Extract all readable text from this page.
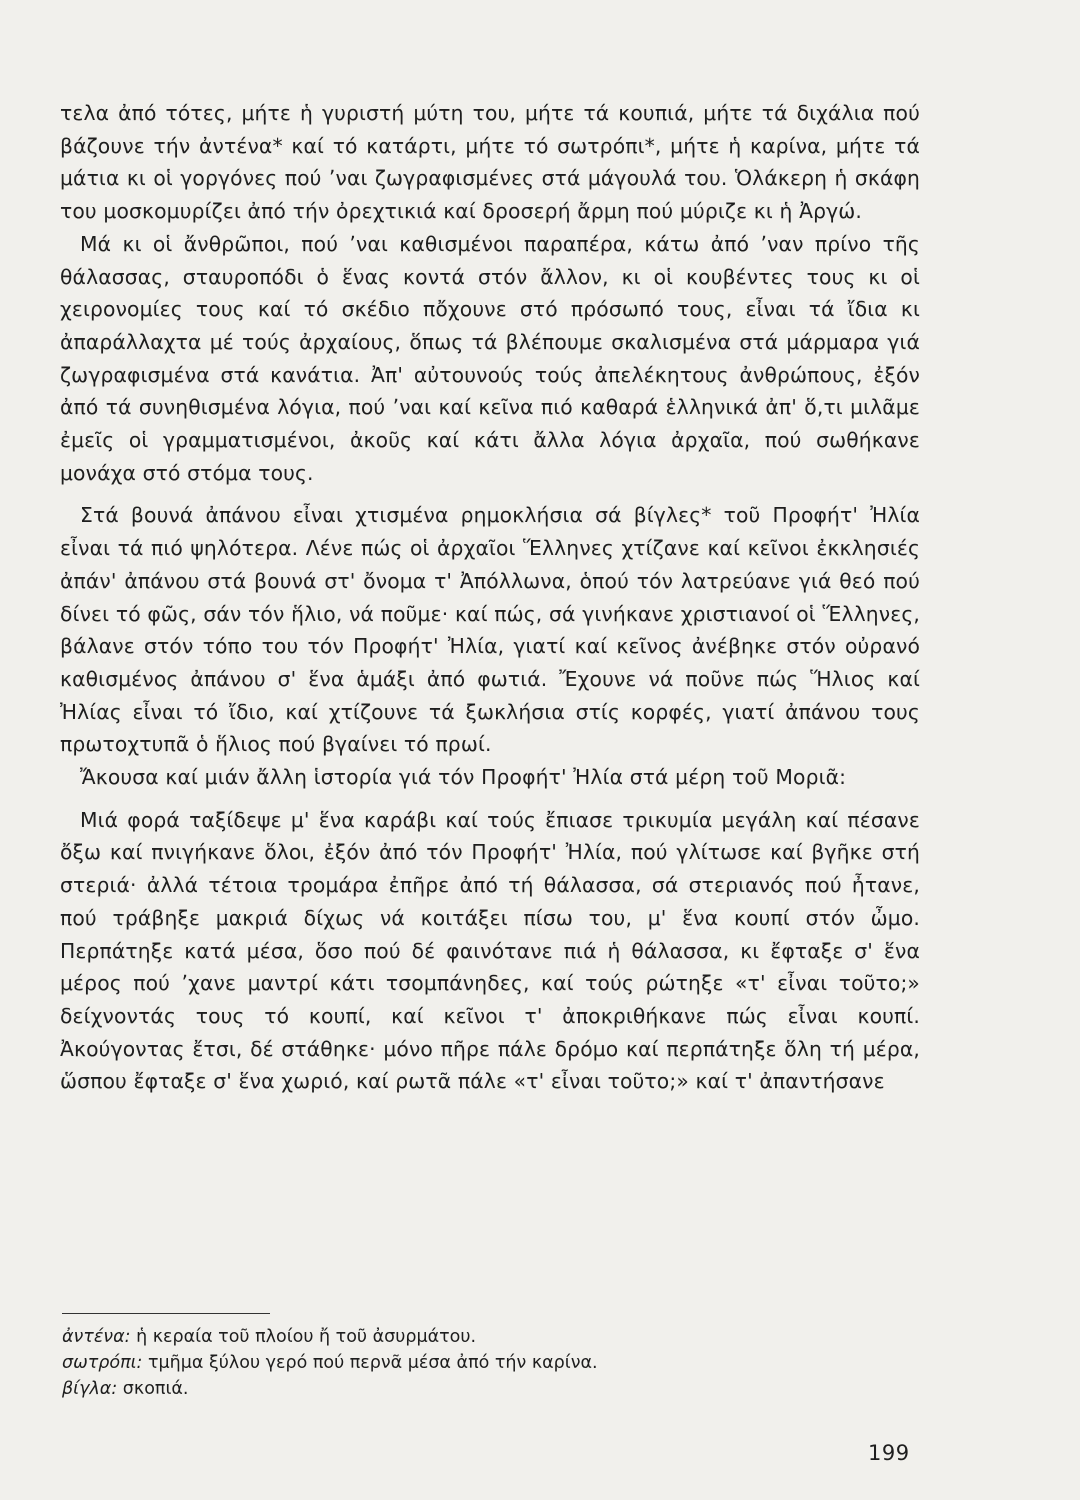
τελα ἀπό τότες, μήτε ἡ γυριστή μύτη του, μήτε τά κουπιά, μήτε τά διχάλια πού βάζουνε τήν ἀντένα* καί τό κατάρτι, μήτε τό σωτρόπι*, μήτε ἡ καρίνα, μήτε τά μάτια κι οἱ γοργόνες πού ʼναι ζωγραφισμένες στά μάγουλά του. Ὁλάκερη ἡ σκάφη του μοσκομυρίζει ἀπό τήν ὀρεχτικιά καί δροσερή ἄρμη πού μύριζε κι ἡ Ἀργώ.

Μά κι οἱ ἄνθρῶποι, πού ʼναι καθισμένοι παραπέρα, κάτω ἀπό ʼναν πρίνο τῆς θάλασσας, σταυροπόδι ὁ ἕνας κοντά στόν ἄλλον, κι οἱ κουβέντες τους κι οἱ χειρονομίες τους καί τό σκέδιο πὄχουνε στό πρόσωπό τους, εἶναι τά ἴδια κι ἀπαράλλαχτα μέ τούς ἀρχαίους, ὅπως τά βλέπουμε σκαλισμένα στά μάρμαρα γιά ζωγραφισμένα στά κανάτια. Ἀπ' αὐτουνούς τούς ἀπελέκητους ἀνθρώπους, ἐξόν ἀπό τά συνηθισμένα λόγια, πού ʼναι καί κεῖνα πιό καθαρά ἑλληνικά ἀπ' ὅ,τι μιλᾶμε ἐμεῖς οἱ γραμματισμένοι, ἀκοῦς καί κάτι ἄλλα λόγια ἀρχαῖα, πού σωθήκανε μονάχα στό στόμα τους.

Στά βουνά ἀπάνου εἶναι χτισμένα ρημοκλήσια σά βίγλες* τοῦ Προφήτ' Ἠλία εἶναι τά πιό ψηλότερα. Λένε πώς οἱ ἀρχαῖοι Ἕλληνες χτίζανε καί κεῖνοι ἐκκλησιές ἀπάν' ἀπάνου στά βουνά στ' ὄνομα τ' Ἀπόλλωνα, ὁπού τόν λατρεύανε γιά θεό πού δίνει τό φῶς, σάν τόν ἥλιο, νά ποῦμε· καί πώς, σά γινήκανε χριστιανοί οἱ Ἕλληνες, βάλανε στόν τόπο του τόν Προφήτ' Ἠλία, γιατί καί κεῖνος ἀνέβηκε στόν οὐρανό καθισμένος ἀπάνου σ' ἕνα ἁμάξι ἀπό φωτιά. Ἔχουνε νά ποῦνε πώς Ἥλιος καί Ἠλίας εἶναι τό ἴδιο, καί χτίζουνε τά ξωκλήσια στίς κορφές, γιατί ἀπάνου τους πρωτοχτυπᾶ ὁ ἥλιος πού βγαίνει τό πρωί.

Ἄκουσα καί μιάν ἄλλη ἱστορία γιά τόν Προφήτ' Ἠλία στά μέρη τοῦ Μοριᾶ:

Μιά φορά ταξίδεψε μ' ἕνα καράβι καί τούς ἔπιασε τρικυμία μεγάλη καί πέσανε ὄξω καί πνιγήκανε ὅλοι, ἐξόν ἀπό τόν Προφήτ' Ἠλία, πού γλίτωσε καί βγῆκε στή στεριά· ἀλλά τέτοια τρομάρα ἐπῆρε ἀπό τή θάλασσα, σά στεριανός πού ἦτανε, πού τράβηξε μακριά δίχως νά κοιτάξει πίσω του, μ' ἕνα κουπί στόν ὦμο. Περπάτηξε κατά μέσα, ὅσο πού δέ φαινότανε πιά ἡ θάλασσα, κι ἔφταξε σ' ἕνα μέρος πού ʼχανε μαντρί κάτι τσομπάνηδες, καί τούς ρώτηξε «τ' εἶναι τοῦτο;» δείχνοντάς τους τό κουπί, καί κεῖνοι τ' ἀποκριθήκανε πώς εἶναι κουπί. Ἀκούγοντας ἔτσι, δέ στάθηκε· μόνο πῆρε πάλε δρόμο καί περπάτηξε ὅλη τή μέρα, ὥσπου ἔφταξε σ' ἕνα χωριό, καί ρωτᾶ πάλε «τ' εἶναι τοῦτο;» καί τ' ἀπαντήσανε

ἀντένα: ἡ κεραία τοῦ πλοίου ἤ τοῦ ἀσυρμάτου.

σωτρόπι: τμῆμα ξύλου γερό πού περνᾶ μέσα ἀπό τήν καρίνα.

βίγλα: σκοπιά.

199
